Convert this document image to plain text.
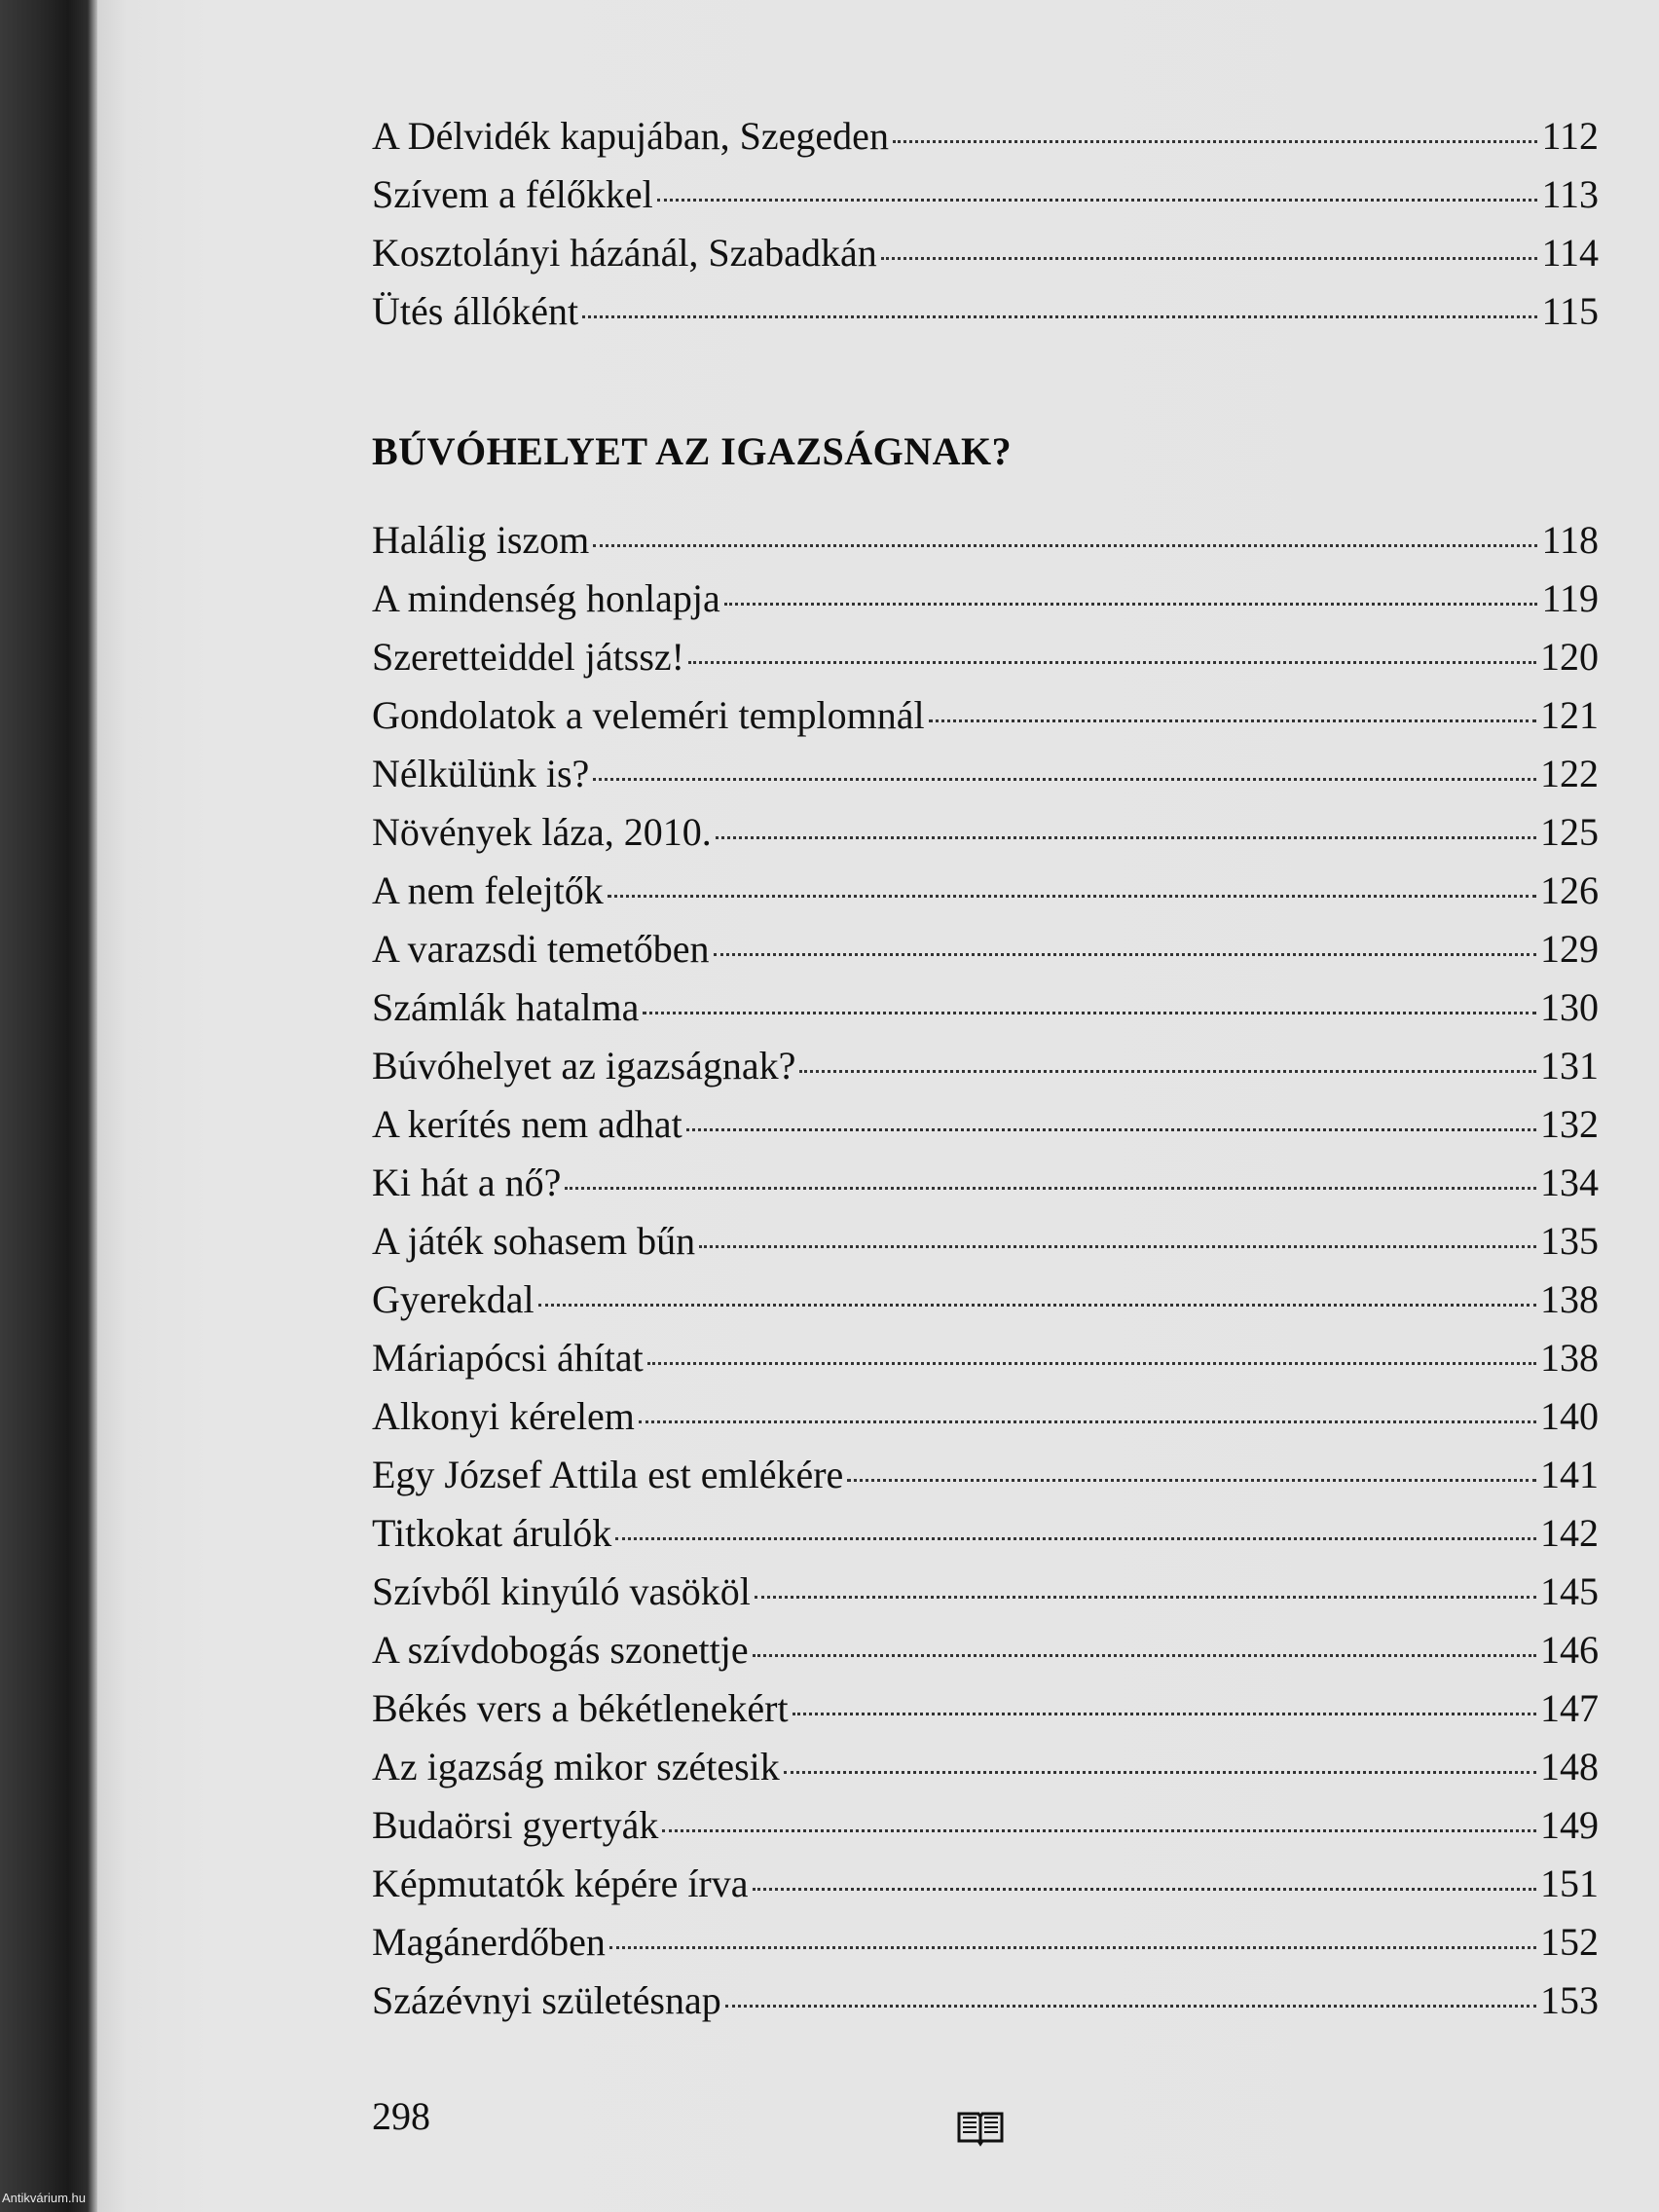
A Délvidék kapujában, Szegeden	112
Szívem a félőkkel	113
Kosztolányi házánál, Szabadkán	114
Ütés állóként	115
BÚVÓHELYET AZ IGAZSÁGNAK?
Halálig iszom	118
A mindenség honlapja	119
Szeretteiddel játssz!	120
Gondolatok a veleméri templomnál	121
Nélkülünk is?	122
Növények láza, 2010.	125
A nem felejtők	126
A varazsdi temetőben	129
Számlák hatalma	130
Búvóhelyet az igazságnak?	131
A kerítés nem adhat	132
Ki hát a nő?	134
A játék sohasem bűn	135
Gyerekdal	138
Máriapócsi áhítat	138
Alkonyi kérelem	140
Egy József Attila est emlékére	141
Titkokat árulók	142
Szívből kinyúló vasököl	145
A szívdobogás szonettje	146
Békés vers a békétlenekért	147
Az igazság mikor szétesik	148
Budaörsi gyertyák	149
Képmutatók képére írva	151
Magánerdőben	152
Százévnyi születésnap	153
298
Antikvárium.hu
